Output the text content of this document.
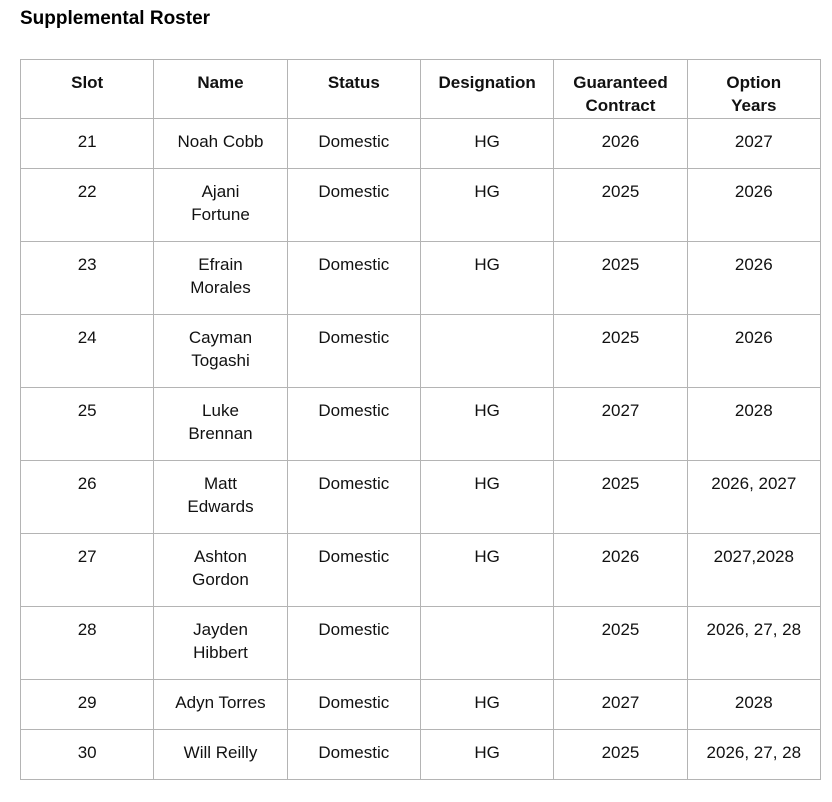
Supplemental Roster
Slot	Name	Status	Designation	Guaranteed Contract	Option Years
21	Noah Cobb	Domestic	HG	2026	2027
22	Ajani Fortune	Domestic	HG	2025	2026
23	Efrain Morales	Domestic	HG	2025	2026
24	Cayman Togashi	Domestic		2025	2026
25	Luke Brennan	Domestic	HG	2027	2028
26	Matt Edwards	Domestic	HG	2025	2026, 2027
27	Ashton Gordon	Domestic	HG	2026	2027,2028
28	Jayden Hibbert	Domestic		2025	2026, 27, 28
29	Adyn Torres	Domestic	HG	2027	2028
30	Will Reilly	Domestic	HG	2025	2026, 27, 28
